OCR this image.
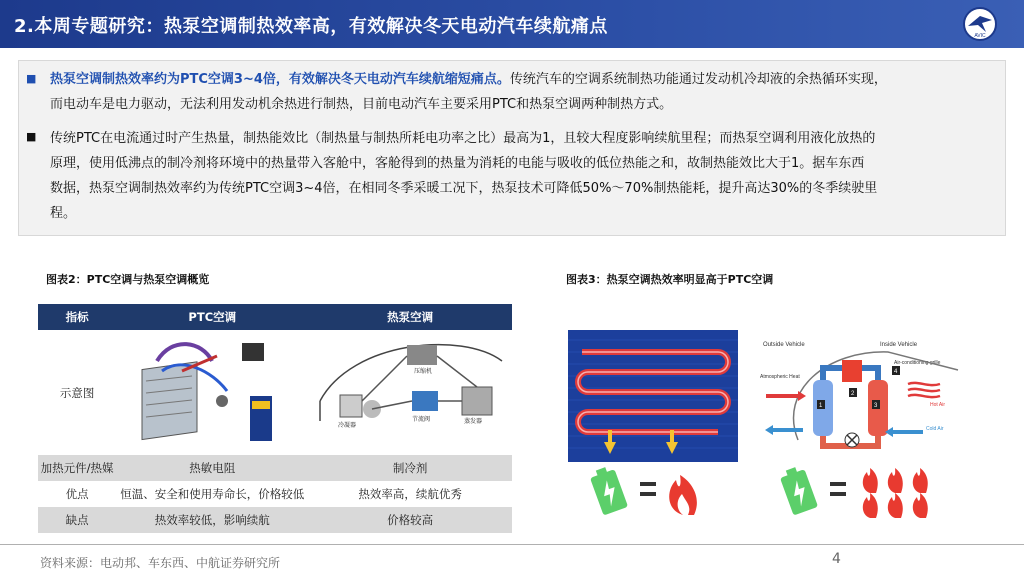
2.本周专题研究：热泵空调制热效率高，有效解决冬天电动汽车续航痛点	AVIC
■	热泵空调制热效率约为PTC空调3~4倍，有效解决冬天电动汽车续航缩短痛点。传统汽车的空调系统制热功能通过发动机冷却液的余热循环实现，
而电动车是电力驱动，无法利用发动机余热进行制热，目前电动汽车主要采用PTC和热泵空调两种制热方式。
■	传统PTC在电流通过时产生热量，制热能效比（制热量与制热所耗电功率之比）最高为1，且较大程度影响续航里程；而热泵空调利用液化放热的
原理，使用低沸点的制冷剂将环境中的热量带入客舱中，客舱得到的热量为消耗的电能与吸收的低位热能之和，故制热能效比大于1。据车东西
数据，热泵空调制热效率约为传统PTC空调3~4倍，在相同冬季采暖工况下，热泵技术可降低50%～70%制热能耗，提升高达30%的冬季续驶里
程。
图表2：PTC空调与热泵空调概览
指标	PTC空调	热泵空调
示意图		压缩机
冷凝器
节流阀 蒸发器

加热元件/热媒	热敏电阻	制冷剂
优点	恒温、安全和使用寿命长，价格较低	热效率高，续航优秀
缺点	热效率较低，影响续航	价格较高
图表3：热泵空调热效率明显高于PTC空调
Outside Vehicle	Inside Vehicle
Air-conditioning grille
1
2
3
4
Atmospheric Heat
Hot Air
Cold Air
资料来源：电动邦、车东西、中航证券研究所	4
